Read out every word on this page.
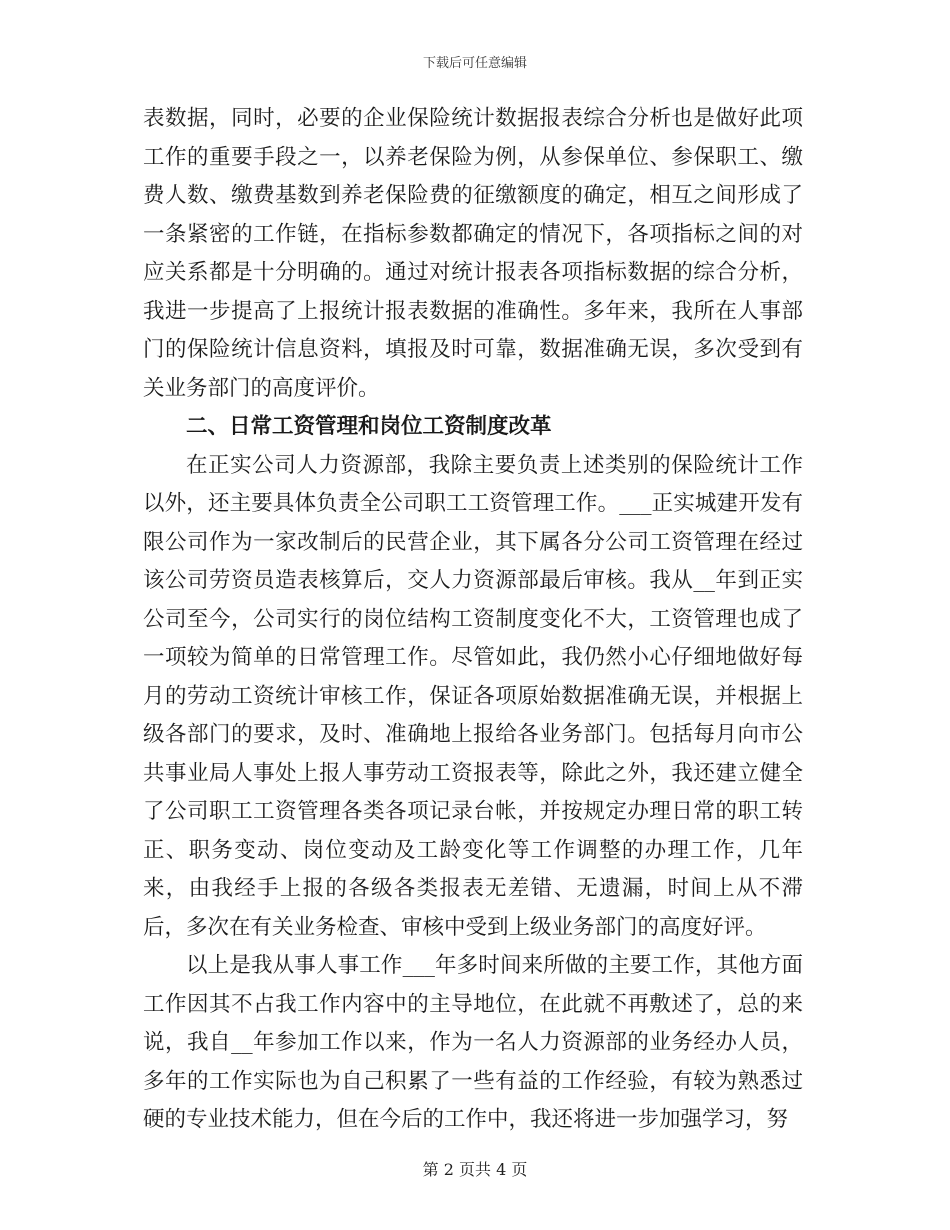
下载后可任意编辑

表数据，同时，必要的企业保险统计数据报表综合分析也是做好此项工作的重要手段之一，以养老保险为例，从参保单位、参保职工、缴费人数、缴费基数到养老保险费的征缴额度的确定，相互之间形成了一条紧密的工作链，在指标参数都确定的情况下，各项指标之间的对应关系都是十分明确的。通过对统计报表各项指标数据的综合分析，我进一步提高了上报统计报表数据的准确性。多年来，我所在人事部门的保险统计信息资料，填报及时可靠，数据准确无误，多次受到有关业务部门的高度评价。

二、日常工资管理和岗位工资制度改革

在正实公司人力资源部，我除主要负责上述类别的保险统计工作以外，还主要具体负责全公司职工工资管理工作。___正实城建开发有限公司作为一家改制后的民营企业，其下属各分公司工资管理在经过该公司劳资员造表核算后，交人力资源部最后审核。我从__年到正实公司至今，公司实行的岗位结构工资制度变化不大，工资管理也成了一项较为简单的日常管理工作。尽管如此，我仍然小心仔细地做好每月的劳动工资统计审核工作，保证各项原始数据准确无误，并根据上级各部门的要求，及时、准确地上报给各业务部门。包括每月向市公共事业局人事处上报人事劳动工资报表等，除此之外，我还建立健全了公司职工工资管理各类各项记录台帐，并按规定办理日常的职工转正、职务变动、岗位变动及工龄变化等工作调整的办理工作，几年来，由我经手上报的各级各类报表无差错、无遗漏，时间上从不滞后，多次在有关业务检查、审核中受到上级业务部门的高度好评。

以上是我从事人事工作___年多时间来所做的主要工作，其他方面工作因其不占我工作内容中的主导地位，在此就不再敷述了，总的来说，我自__年参加工作以来，作为一名人力资源部的业务经办人员，多年的工作实际也为自己积累了一些有益的工作经验，有较为熟悉过硬的专业技术能力，但在今后的工作中，我还将进一步加强学习，努

第 2 页共 4 页
